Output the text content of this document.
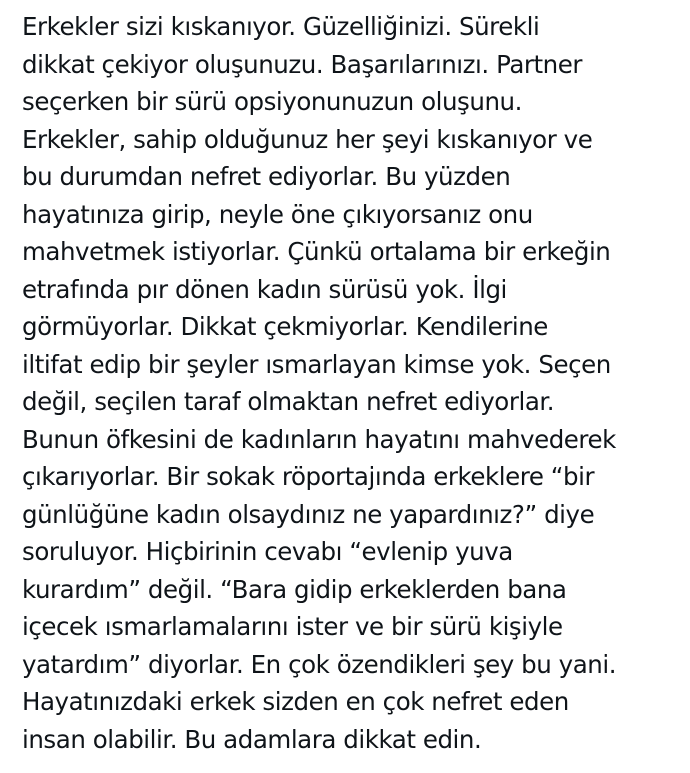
Erkekler sizi kıskanıyor. Güzelliğinizi. Sürekli
dikkat çekiyor oluşunuzu. Başarılarınızı. Partner
seçerken bir sürü opsiyonunuzun oluşunu.
Erkekler, sahip olduğunuz her şeyi kıskanıyor ve
bu durumdan nefret ediyorlar. Bu yüzden
hayatınıza girip, neyle öne çıkıyorsanız onu
mahvetmek istiyorlar. Çünkü ortalama bir erkeğin
etrafında pır dönen kadın sürüsü yok. İlgi
görmüyorlar. Dikkat çekmiyorlar. Kendilerine
iltifat edip bir şeyler ısmarlayan kimse yok. Seçen
değil, seçilen taraf olmaktan nefret ediyorlar.
Bunun öfkesini de kadınların hayatını mahvederek
çıkarıyorlar. Bir sokak röportajında erkeklere “bir
günlüğüne kadın olsaydınız ne yapardınız?” diye
soruluyor. Hiçbirinin cevabı “evlenip yuva
kurardım” değil. “Bara gidip erkeklerden bana
içecek ısmarlamalarını ister ve bir sürü kişiyle
yatardım” diyorlar. En çok özendikleri şey bu yani.
Hayatınızdaki erkek sizden en çok nefret eden
insan olabilir. Bu adamlara dikkat edin.
